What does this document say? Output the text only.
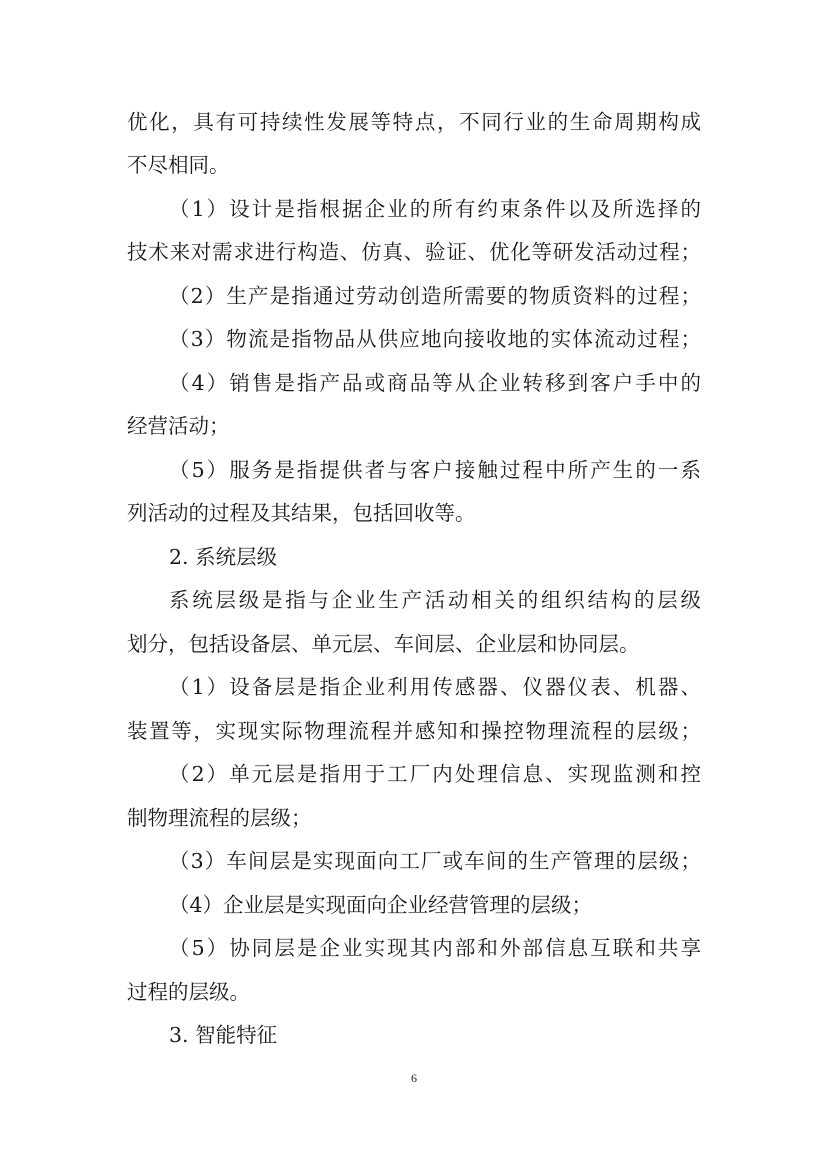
优化，具有可持续性发展等特点，不同行业的生命周期构成
不尽相同。
（1）设计是指根据企业的所有约束条件以及所选择的
技术来对需求进行构造、仿真、验证、优化等研发活动过程；
（2）生产是指通过劳动创造所需要的物质资料的过程；
（3）物流是指物品从供应地向接收地的实体流动过程；
（4）销售是指产品或商品等从企业转移到客户手中的
经营活动；
（5）服务是指提供者与客户接触过程中所产生的一系
列活动的过程及其结果，包括回收等。
2. 系统层级
系统层级是指与企业生产活动相关的组织结构的层级
划分，包括设备层、单元层、车间层、企业层和协同层。
（1）设备层是指企业利用传感器、仪器仪表、机器、
装置等，实现实际物理流程并感知和操控物理流程的层级；
（2）单元层是指用于工厂内处理信息、实现监测和控
制物理流程的层级；
（3）车间层是实现面向工厂或车间的生产管理的层级；
（4）企业层是实现面向企业经营管理的层级；
（5）协同层是企业实现其内部和外部信息互联和共享
过程的层级。
3. 智能特征
6
